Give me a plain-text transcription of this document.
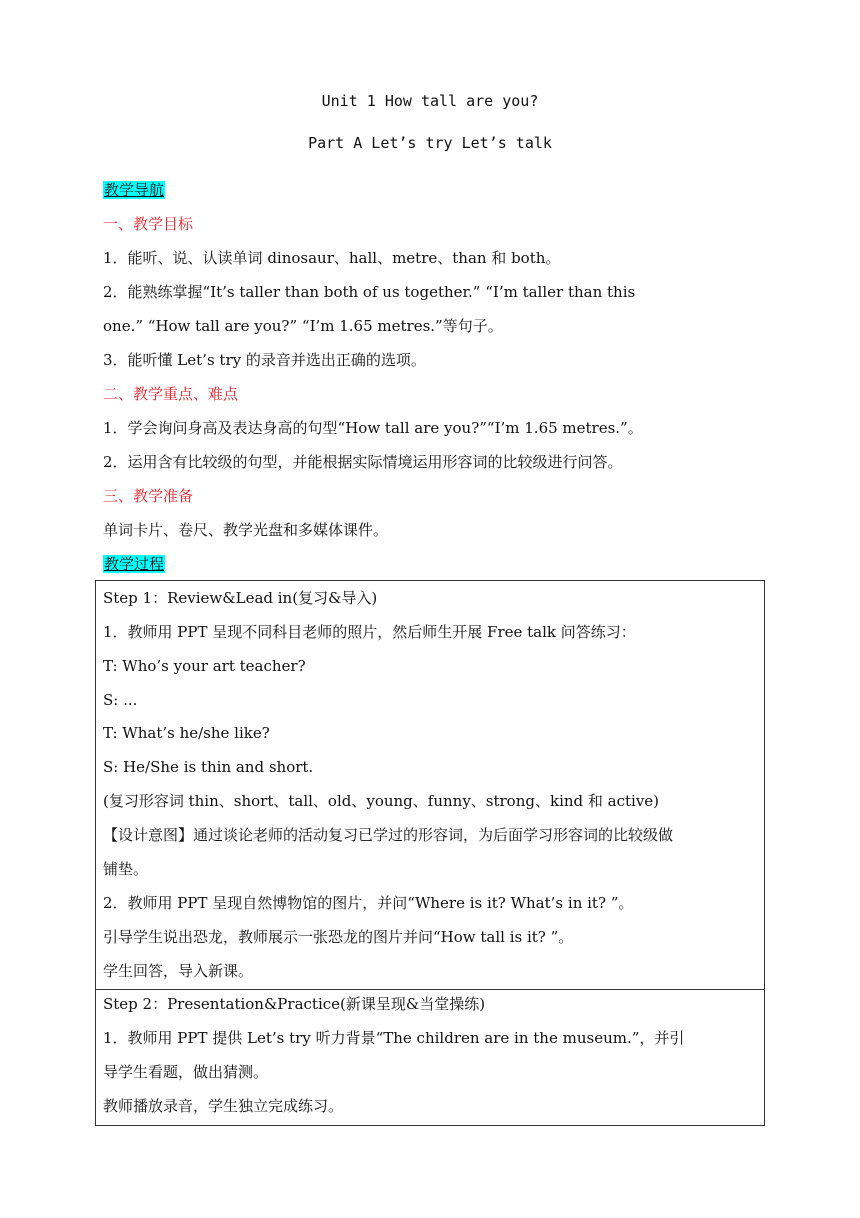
Unit 1 How tall are you?
Part A Let’s try Let’s talk
教学导航
一、教学目标
1．能听、说、认读单词 dinosaur、hall、metre、than 和 both。
2．能熟练掌握“It’s taller than both of us together.” “I’m taller than this
one.” “How tall are you?” “I’m 1.65 metres.”等句子。
3．能听懂 Let’s try 的录音并选出正确的选项。
二、教学重点、难点
1．学会询问身高及表达身高的句型“How tall are you?”“I’m 1.65 metres.”。
2．运用含有比较级的句型，并能根据实际情境运用形容词的比较级进行问答。
三、教学准备
单词卡片、卷尺、教学光盘和多媒体课件。
教学过程
Step 1：Review&Lead in(复习&导入)
1．教师用 PPT 呈现不同科目老师的照片，然后师生开展 Free talk 问答练习：
T: Who’s your art teacher?
S: ...
T: What’s he/she like?
S: He/She is thin and short.
(复习形容词 thin、short、tall、old、young、funny、strong、kind 和 active)
【设计意图】通过谈论老师的活动复习已学过的形容词，为后面学习形容词的比较级做
铺垫。
2．教师用 PPT 呈现自然博物馆的图片，并问“Where is it? What’s in it? ”。
引导学生说出恐龙，教师展示一张恐龙的图片并问“How tall is it? ”。
学生回答，导入新课。
Step 2：Presentation&Practice(新课呈现&当堂操练)
1．教师用 PPT 提供 Let’s try 听力背景“The children are in the museum.”，并引
导学生看题，做出猜测。
教师播放录音，学生独立完成练习。
